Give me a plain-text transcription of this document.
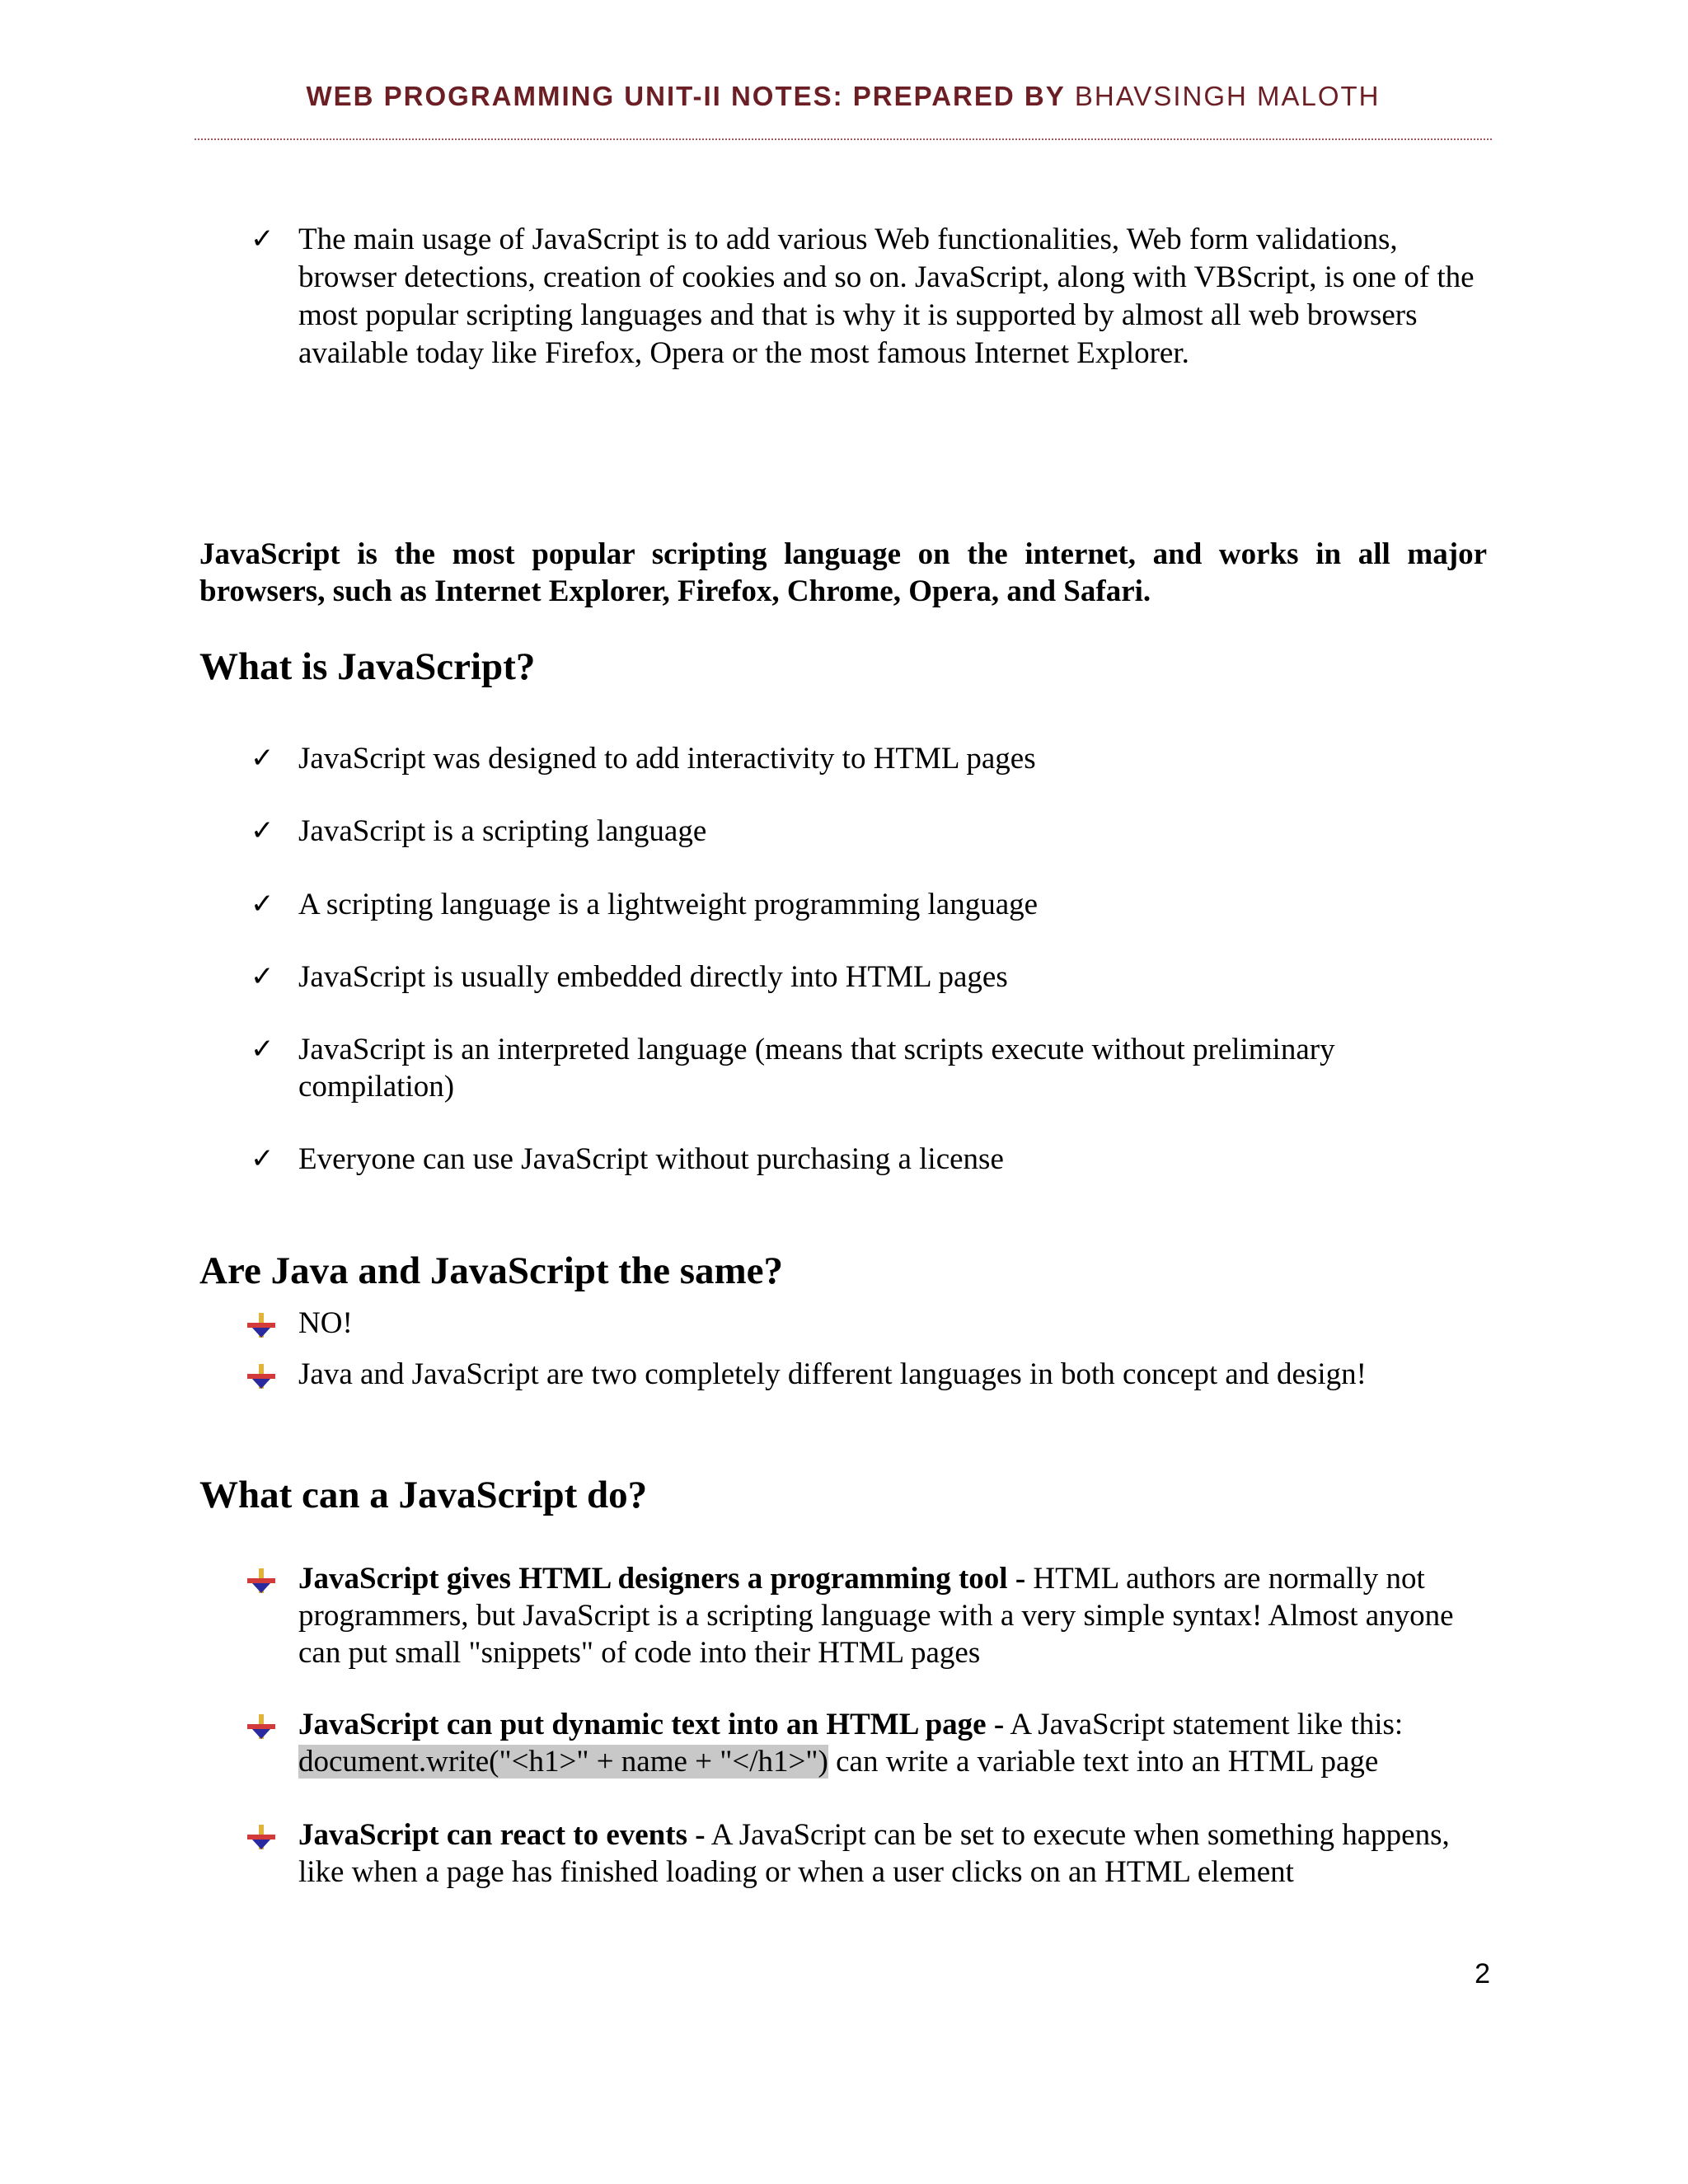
WEB PROGRAMMING UNIT-II NOTES: PREPARED BY BHAVSINGH MALOTH
✓ The main usage of JavaScript is to add various Web functionalities, Web form validations, browser detections, creation of cookies and so on. JavaScript, along with VBScript, is one of the most popular scripting languages and that is why it is supported by almost all web browsers available today like Firefox, Opera or the most famous Internet Explorer.
JavaScript is the most popular scripting language on the internet, and works in all major browsers, such as Internet Explorer, Firefox, Chrome, Opera, and Safari.
What is JavaScript?
✓ JavaScript was designed to add interactivity to HTML pages
✓ JavaScript is a scripting language
✓ A scripting language is a lightweight programming language
✓ JavaScript is usually embedded directly into HTML pages
✓ JavaScript is an interpreted language (means that scripts execute without preliminary compilation)
✓ Everyone can use JavaScript without purchasing a license
Are Java and JavaScript the same?
NO!
Java and JavaScript are two completely different languages in both concept and design!
What can a JavaScript do?
JavaScript gives HTML designers a programming tool - HTML authors are normally not programmers, but JavaScript is a scripting language with a very simple syntax! Almost anyone can put small "snippets" of code into their HTML pages
JavaScript can put dynamic text into an HTML page - A JavaScript statement like this:
document.write("<h1>" + name + "</h1>") can write a variable text into an HTML page
JavaScript can react to events - A JavaScript can be set to execute when something happens, like when a page has finished loading or when a user clicks on an HTML element
2
